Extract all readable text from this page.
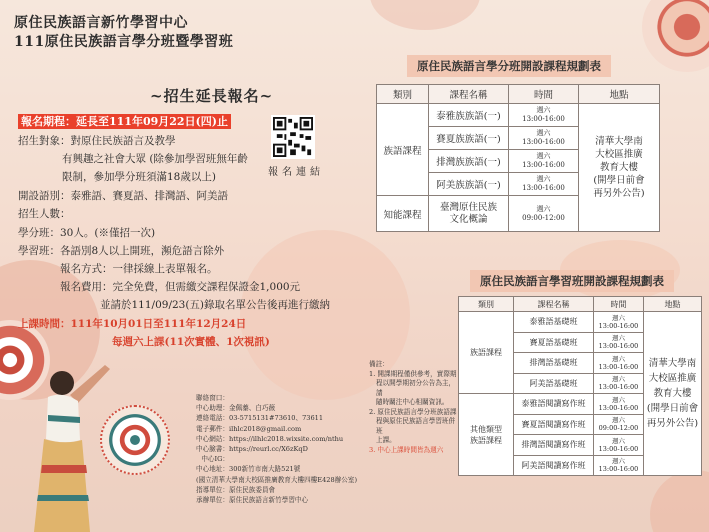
原住民族語言新竹學習中心
111原住民族語言學分班暨學習班
~招生延長報名~
報名期程：延長至111年09月22日(四)止
招生對象：對原住民族語言及教學
有興趣之社會大眾 (除參加學習班無年齡
限制，參加學分班須滿18歲以上)
開設語別：泰雅語、賽夏語、排灣語、阿美語
招生人數：
學分班：30人。(※僅招一次)
學習班：各語別8人以上開班，瀕危語言除外
報名方式：一律採線上表單報名。
報名費用：完全免費，但需繳交課程保證金1,000元
並請於111/09/23(五)錄取名單公告後再進行繳納
上課時間：111年10月01日至111年12月24日
每週六上課(11次實體、1次視訊)
報名連結
原住民族語言學分班開設課程規劃表
類別	課程名稱	時間	地點
族語課程	泰雅族族語(一)	週六
13:00-16:00	清華大學南
大校區推廣
教育大樓
(開學日前會
再另外公告)
	賽夏族族語(一)	週六
13:00-16:00	
	排灣族族語(一)	週六
13:00-16:00	
	阿美族族語(一)	週六
13:00-16:00	
知能課程	臺灣原住民族
文化概論	週六
09:00-12:00	
原住民族語言學習班開設課程規劃表
類別	課程名稱	時間	地點
族語課程	泰雅語基礎班	週六
13:00-16:00	清華大學南
大校區推廣
教育大樓
(開學日前會
再另外公告)
	賽夏語基礎班	週六
13:00-16:00	
	排灣語基礎班	週六
13:00-16:00	
	阿美語基礎班	週六
13:00-16:00	
其他類型
族語課程	泰雅語閱讀寫作班	週六
13:00-16:00	
	賽夏語閱讀寫作班	週六
09:00-12:00	
	排灣語閱讀寫作班	週六
13:00-16:00	
	阿美語閱讀寫作班	週六
13:00-16:00	
備註：
1. 開課期程僅供參考，實際期
程以開學期初分公告為主，請
隨時關注中心相關資訊。
2. 原住民族語言學分班族語課
程與原住民族語言學習班併班
上課。
3. 中心上課時間皆為週六
聯絡窗口：
中心助理：金佩蓁、白巧薇
連絡電話：03-5715131#73610、73611
電子郵件：ilhlc2018@gmail.com
中心網站：https://ilhlc2018.wixsite.com/nthu
中心臉書：https://reurl.cc/X6zKqD
中心IG：
中心地址：300新竹市南大路521號
(國立清華大學南大校區推廣教育大樓四樓E428辦公室)
指導單位：原住民族委員會
承辦單位：原住民族語言新竹學習中心
